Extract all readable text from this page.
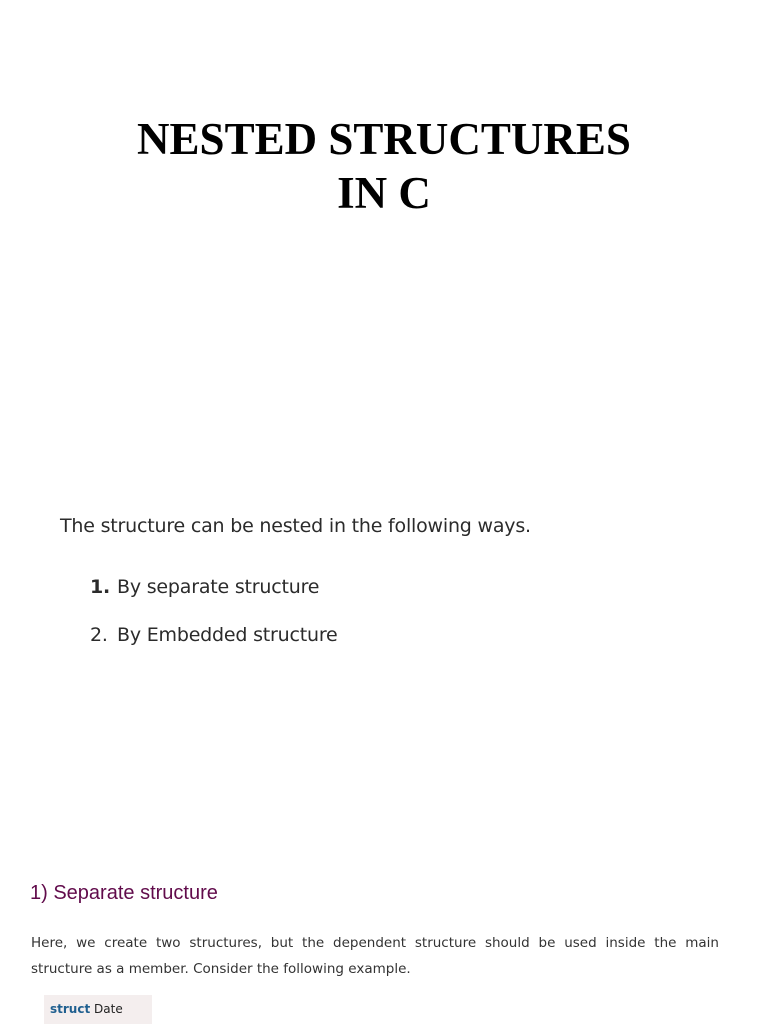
NESTED STRUCTURES
IN C
The structure can be nested in the following ways.
1. By separate structure
2. By Embedded structure
1) Separate structure

Here, we create two structures, but the dependent structure should be used inside the main structure as a member. Consider the following example.

struct Date
